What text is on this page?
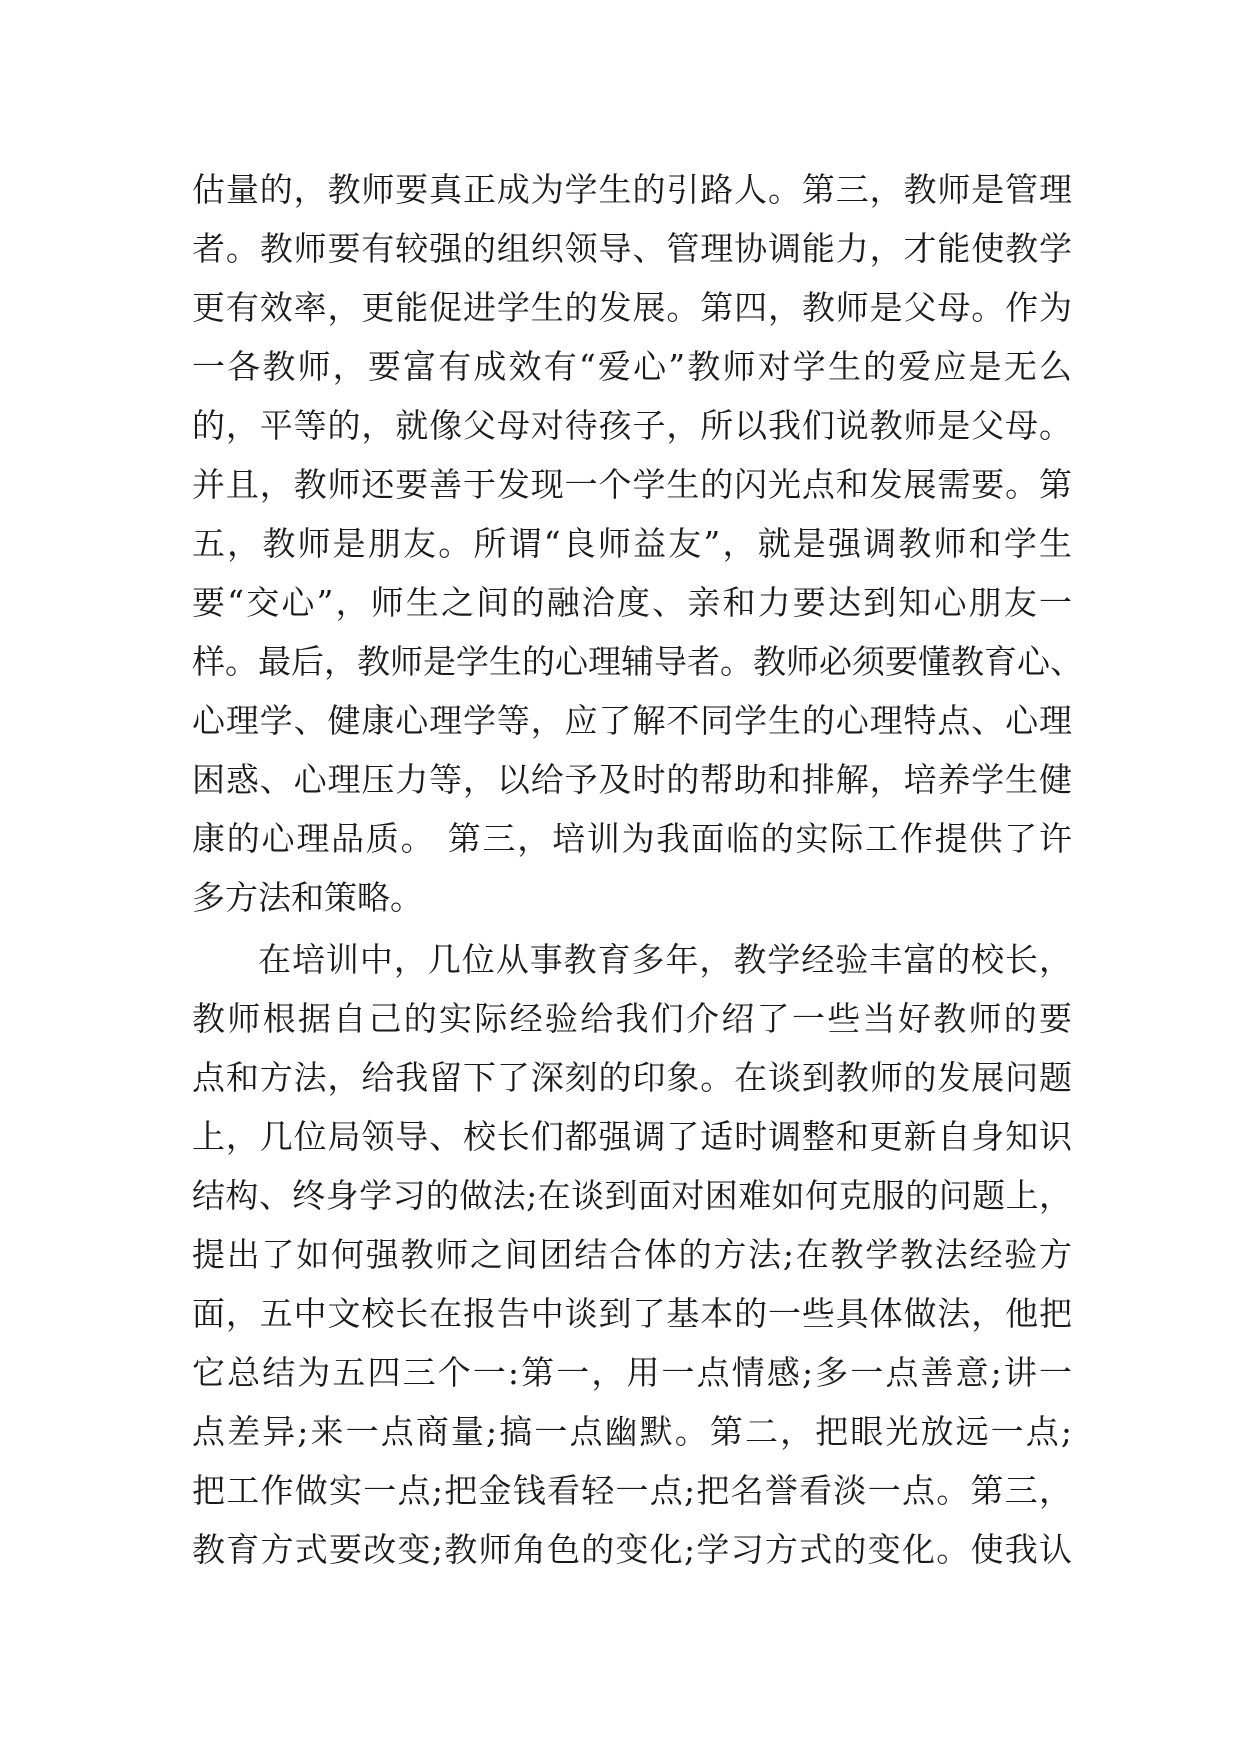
估量的，教师要真正成为学生的引路人。第三，教师是管理
者。教师要有较强的组织领导、管理协调能力，才能使教学
更有效率，更能促进学生的发展。第四，教师是父母。作为
一各教师，要富有成效有“爱心”教师对学生的爱应是无么
的，平等的，就像父母对待孩子，所以我们说教师是父母。
并且，教师还要善于发现一个学生的闪光点和发展需要。第
五，教师是朋友。所谓“良师益友”，就是强调教师和学生
要“交心”，师生之间的融洽度、亲和力要达到知心朋友一
样。最后，教师是学生的心理辅导者。教师必须要懂教育心、
心理学、健康心理学等，应了解不同学生的心理特点、心理
困惑、心理压力等，以给予及时的帮助和排解，培养学生健
康的心理品质。 第三，培训为我面临的实际工作提供了许
多方法和策略。
在培训中，几位从事教育多年，教学经验丰富的校长，
教师根据自己的实际经验给我们介绍了一些当好教师的要
点和方法，给我留下了深刻的印象。在谈到教师的发展问题
上，几位局领导、校长们都强调了适时调整和更新自身知识
结构、终身学习的做法;在谈到面对困难如何克服的问题上，
提出了如何强教师之间团结合体的方法;在教学教法经验方
面，五中文校长在报告中谈到了基本的一些具体做法，他把
它总结为五四三个一:第一，用一点情感;多一点善意;讲一
点差异;来一点商量;搞一点幽默。第二，把眼光放远一点;
把工作做实一点;把金钱看轻一点;把名誉看淡一点。第三，
教育方式要改变;教师角色的变化;学习方式的变化。使我认
